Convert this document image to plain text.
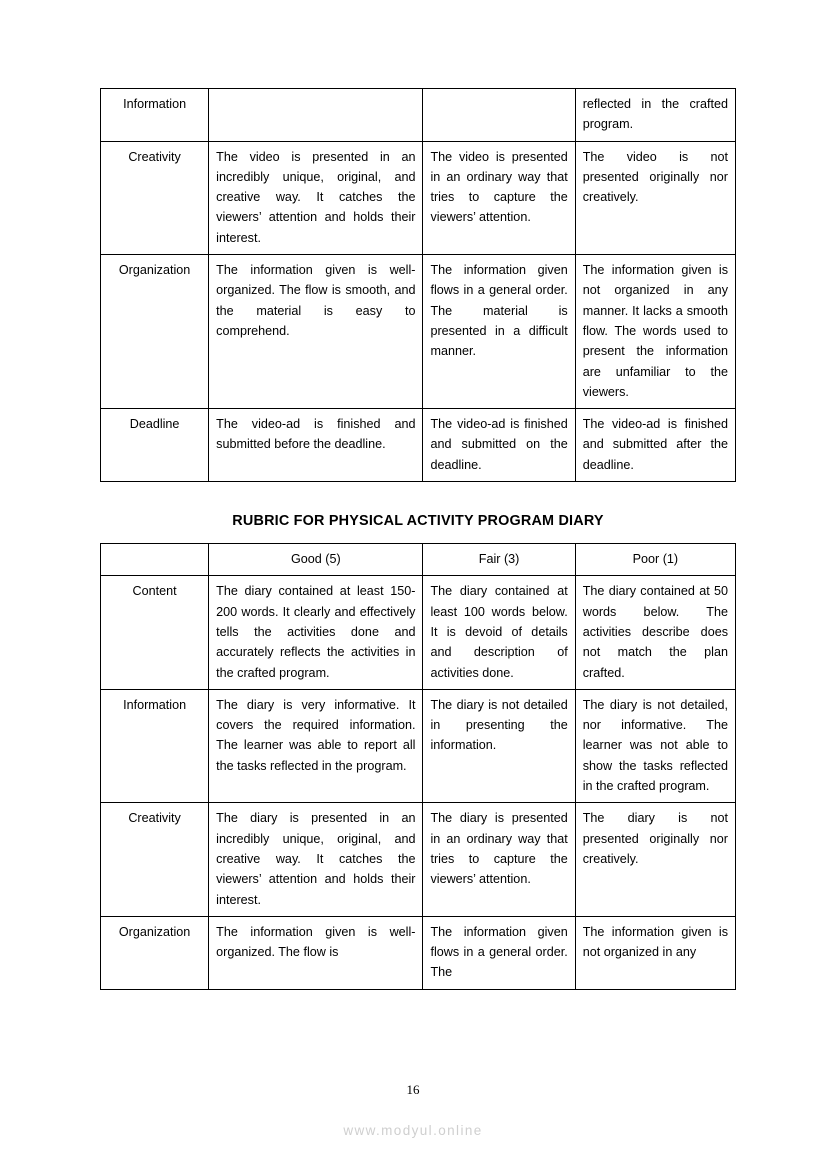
Information			reflected in the crafted program.
Creativity	The video is presented in an incredibly unique, original, and creative way. It catches the viewers’ attention and holds their interest.	The video is presented in an ordinary way that tries to capture the viewers’ attention.	The video is not presented originally nor creatively.
Organization	The information given is well-organized. The flow is smooth, and the material is easy to comprehend.	The information given flows in a general order. The material is presented in a difficult manner.	The information given is not organized in any manner. It lacks a smooth flow. The words used to present the information are unfamiliar to the viewers.
Deadline	The video-ad is finished and submitted before the deadline.	The video-ad is finished and submitted on the deadline.	The video-ad is finished and submitted after the deadline.
RUBRIC FOR PHYSICAL ACTIVITY PROGRAM DIARY
	Good (5)	Fair (3)	Poor (1)
Content	The diary contained at least 150-200 words. It clearly and effectively tells the activities done and accurately reflects the activities in the crafted program.	The diary contained at least 100 words below. It is devoid of details and description of activities done.	The diary contained at 50 words below. The activities describe does not match the plan crafted.
Information	The diary is very informative. It covers the required information. The learner was able to report all the tasks reflected in the program.	The diary is not detailed in presenting the information.	The diary is not detailed, nor informative. The learner was not able to show the tasks reflected in the crafted program.
Creativity	The diary is presented in an incredibly unique, original, and creative way. It catches the viewers’ attention and holds their interest.	The diary is presented in an ordinary way that tries to capture the viewers’ attention.	The diary is not presented originally nor creatively.
Organization	The information given is well-organized. The flow is	The information given flows in a general order. The	The information given is not organized in any
16
www.modyul.online
